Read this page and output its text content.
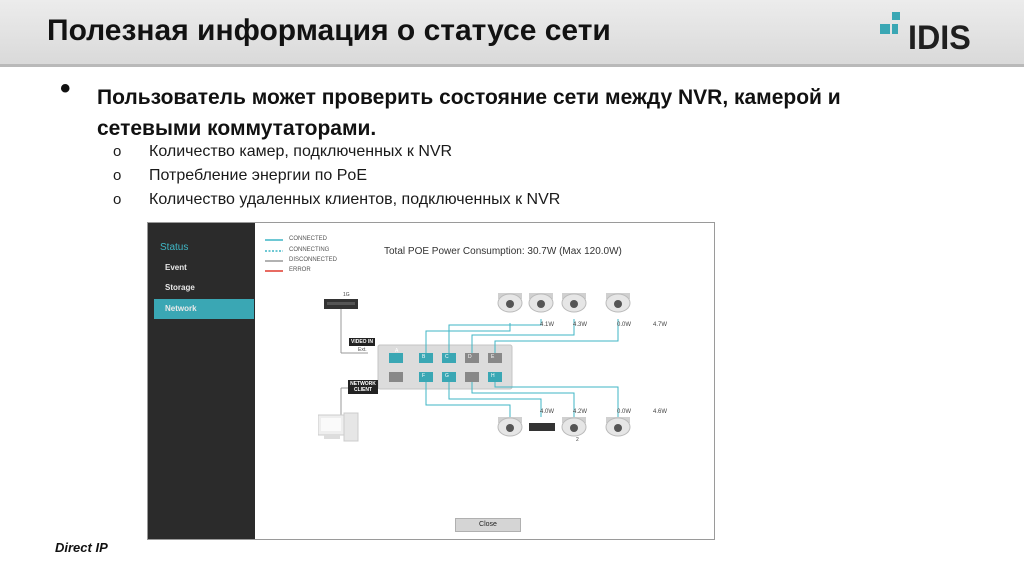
Полезная информация о статусе сети	IDIS
• Пользователь может проверить состояние сети между NVR, камерой и сетевыми коммутаторами.
o Количество камер, подключенных к NVR
o Потребление энергии по PoE
o Количество удаленных клиентов, подключенных к NVR
Status
Event
Storage
Network
CONNECTED
CONNECTING
DISCONNECTED
ERROR
Total POE Power Consumption: 30.7W (Max 120.0W)
VIDEO IN
Ext.
NETWORK CLIENT
1G
A
B	C	D	E
F	G	H
4.1W	4.3W	0.0W	4.7W
4.0W	4.2W	0.0W	4.6W
2
Close
Direct IP
